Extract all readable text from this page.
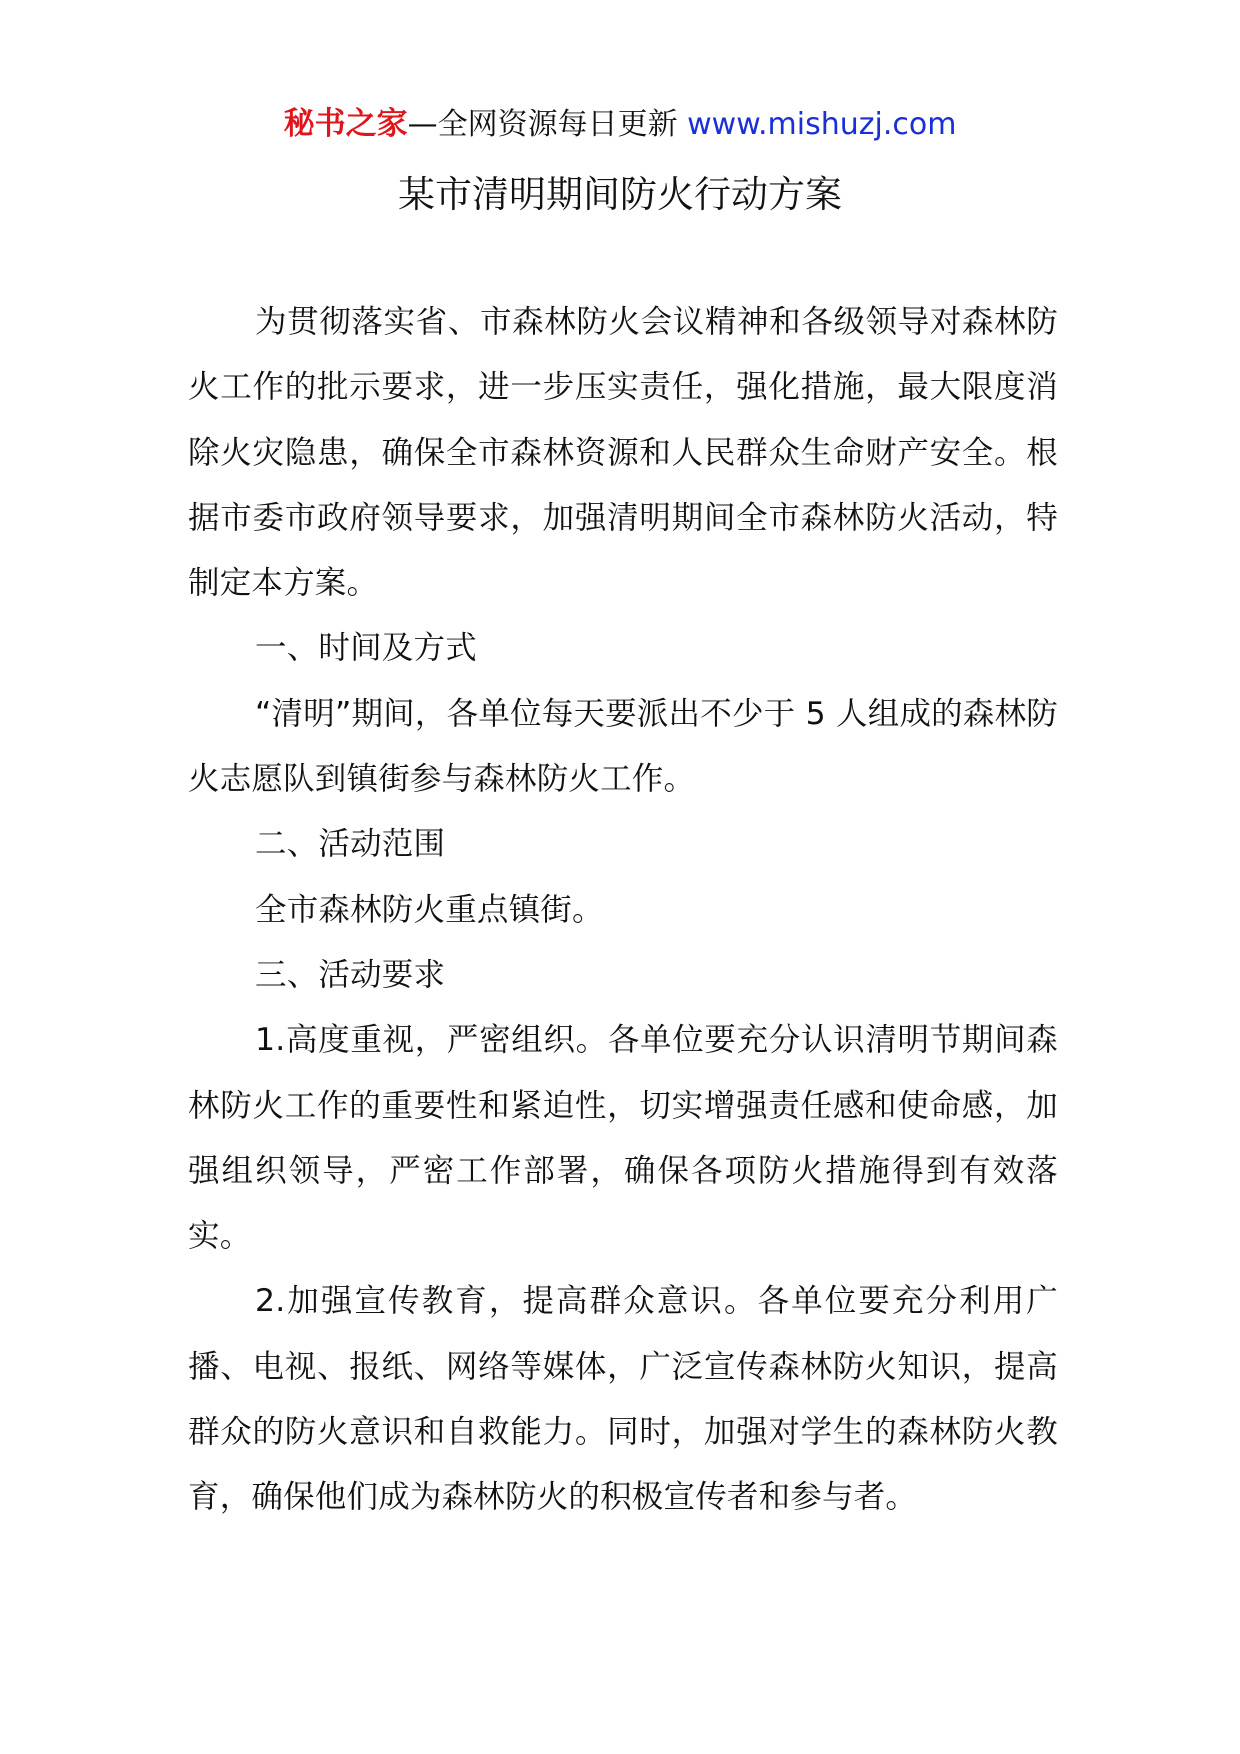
秘书之家—全网资源每日更新 www.mishuzj.com
某市清明期间防火行动方案

为贯彻落实省、市森林防火会议精神和各级领导对森林防火工作的批示要求，进一步压实责任，强化措施，最大限度消除火灾隐患，确保全市森林资源和人民群众生命财产安全。根据市委市政府领导要求，加强清明期间全市森林防火活动，特制定本方案。

一、时间及方式

“清明”期间，各单位每天要派出不少于 5 人组成的森林防火志愿队到镇街参与森林防火工作。

二、活动范围

全市森林防火重点镇街。

三、活动要求

1.高度重视，严密组织。各单位要充分认识清明节期间森林防火工作的重要性和紧迫性，切实增强责任感和使命感，加强组织领导，严密工作部署，确保各项防火措施得到有效落实。

2.加强宣传教育，提高群众意识。各单位要充分利用广播、电视、报纸、网络等媒体，广泛宣传森林防火知识，提高群众的防火意识和自救能力。同时，加强对学生的森林防火教育，确保他们成为森林防火的积极宣传者和参与者。
